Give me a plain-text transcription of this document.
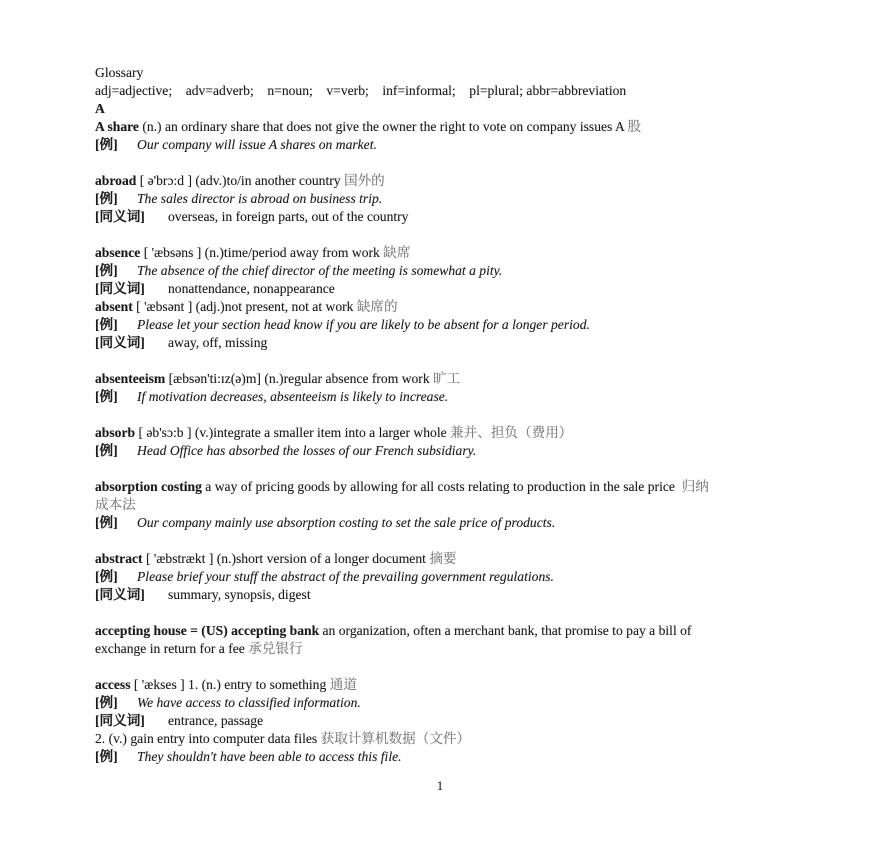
Glossary
adj=adjective;    adv=adverb;    n=noun;    v=verb;    inf=informal;    pl=plural; abbr=abbreviation
A
A share (n.) an ordinary share that does not give the owner the right to vote on company issues A 股
[例] Our company will issue A shares on market.
abroad [ ə'brɔ:d ] (adv.)to/in another country 国外的
[例] The sales director is abroad on business trip.
[同义词] overseas, in foreign parts, out of the country
absence [ 'æbsəns ] (n.)time/period away from work 缺席
[例] The absence of the chief director of the meeting is somewhat a pity.
[同义词] nonattendance, nonappearance
absent [ 'æbsənt ] (adj.)not present, not at work 缺席的
[例] Please let your section head know if you are likely to be absent for a longer period.
[同义词] away, off, missing
absenteeism [æbsən'ti:ɪz(ə)m] (n.)regular absence from work 旷工
[例] If motivation decreases, absenteeism is likely to increase.
absorb [ əb'sɔ:b ] (v.)integrate a smaller item into a larger whole 兼并、担负（费用）
[例] Head Office has absorbed the losses of our French subsidiary.
absorption costing a way of pricing goods by allowing for all costs relating to production in the sale price  归纳
成本法
[例] Our company mainly use absorption costing to set the sale price of products.
abstract [ 'æbstrækt ] (n.)short version of a longer document 摘要
[例] Please brief your stuff the abstract of the prevailing government regulations.
[同义词] summary, synopsis, digest
accepting house = (US) accepting bank an organization, often a merchant bank, that promise to pay a bill of
exchange in return for a fee 承兑银行
access [ 'ækses ] 1. (n.) entry to something 通道
[例] We have access to classified information.
[同义词] entrance, passage
2. (v.) gain entry into computer data files 获取计算机数据（文件）
[例] They shouldn't have been able to access this file.
1
